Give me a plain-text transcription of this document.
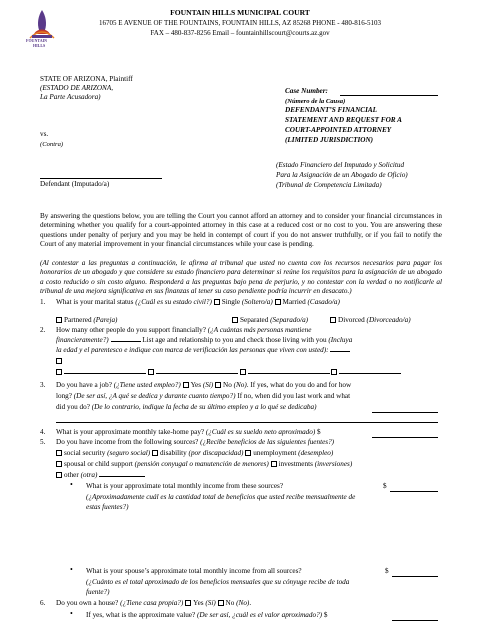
FOUNTAIN
HILLS
FOUNTAIN HILLS MUNICIPAL COURT
16705 E AVENUE OF THE FOUNTAINS, FOUNTAIN HILLS, AZ 85268 PHONE - 480-816-5103
FAX – 480-837-8256 Email – fountainhillscourt@courts.az.gov
STATE OF ARIZONA, Plaintiff
(ESTADO DE ARIZONA,
La Parte Acusadora)
vs.
(Contra)
Defendant (Imputado/a)
Case Number:
(Número de la Causa)
DEFENDANT’S FINANCIAL
STATEMENT AND REQUEST FOR A
COURT-APPOINTED ATTORNEY
(LIMITED JURISDICTION)
(Estado Financiero del Imputado y Solicitud
Para la Asignación de un Abogado de Oficio)
(Tribunal de Competencia Limitada)
By answering the questions below, you are telling the Court you cannot afford an attorney and to consider your financial circumstances in determining whether you qualify for a court-appointed attorney in this case at a reduced cost or no cost to you. You are answering these questions under penalty of perjury and you may be held in contempt of court if you do not answer truthfully, or if you fail to notify the Court of any material improvement in your financial circumstances while your case is pending.
(Al contestar a las preguntas a continuación, le afirma al tribunal que usted no cuenta con los recursos necesarios para pagar los honorarios de un abogado y que considere su estado financiero para determinar si reúne los requisitos para la asignación de un abogado a costo reducido o sin costo alguno. Responderá a las preguntas bajo pena de perjurio, y no contestar con la verdad o no notificarle al tribunal de una mejora significativa en sus finanzas al tener su caso pendiente podría incurrir en desacato.)
1. What is your marital status (¿Cuál es su estado civil?) Single (Soltero/a) Married (Casado/a)
Partnered (Pareja)	Separated (Separado/a)	Divorced (Divorceado/a)
2. How many other people do you support financially? (¿A cuántas más personas mantiene
financieramente?)	List age and relationship to you and check those living with you (Incluya
la edad y el parentesco e indique con marca de verificación las personas que viven con usted):

3. Do you have a job? (¿Tiene usted empleo?) Yes (Sí) No (No). If yes, what do you do and for how
long? (De ser así, ¿A qué se dedica y durante cuanto tiempo?) If no, when did you last work and what
did you do? (De lo contrario, indique la fecha de su último empleo y a lo qué se dedicaba)
4. What is your approximate monthly take-home pay? (¿Cuál es su sueldo neto aproximado) $
5. Do you have income from the following sources? (¿Recibe beneficios de las siguientes fuentes?)
social security (seguro social) disability (por discapacidad) unemployment (desempleo)
spousal or child support (pensión conyugal o manutención de menores) investments (inversiones)
other (otra)
• What is your approximate total monthly income from these sources?	$
(¿Aproximadamente cuál es la cantidad total de beneficios que usted recibe mensualmente de
estas fuentes?)
• What is your spouse’s approximate total monthly income from all sources?	$
(¿Cuánto es el total aproximado de los beneficios mensuales que su cónyuge recibe de toda
fuente?)
6. Do you own a house? (¿Tiene casa propia?) Yes (Sí) No (No).
• If yes, what is the approximate value? (De ser así, ¿cuál es el valor aproximado?) $
